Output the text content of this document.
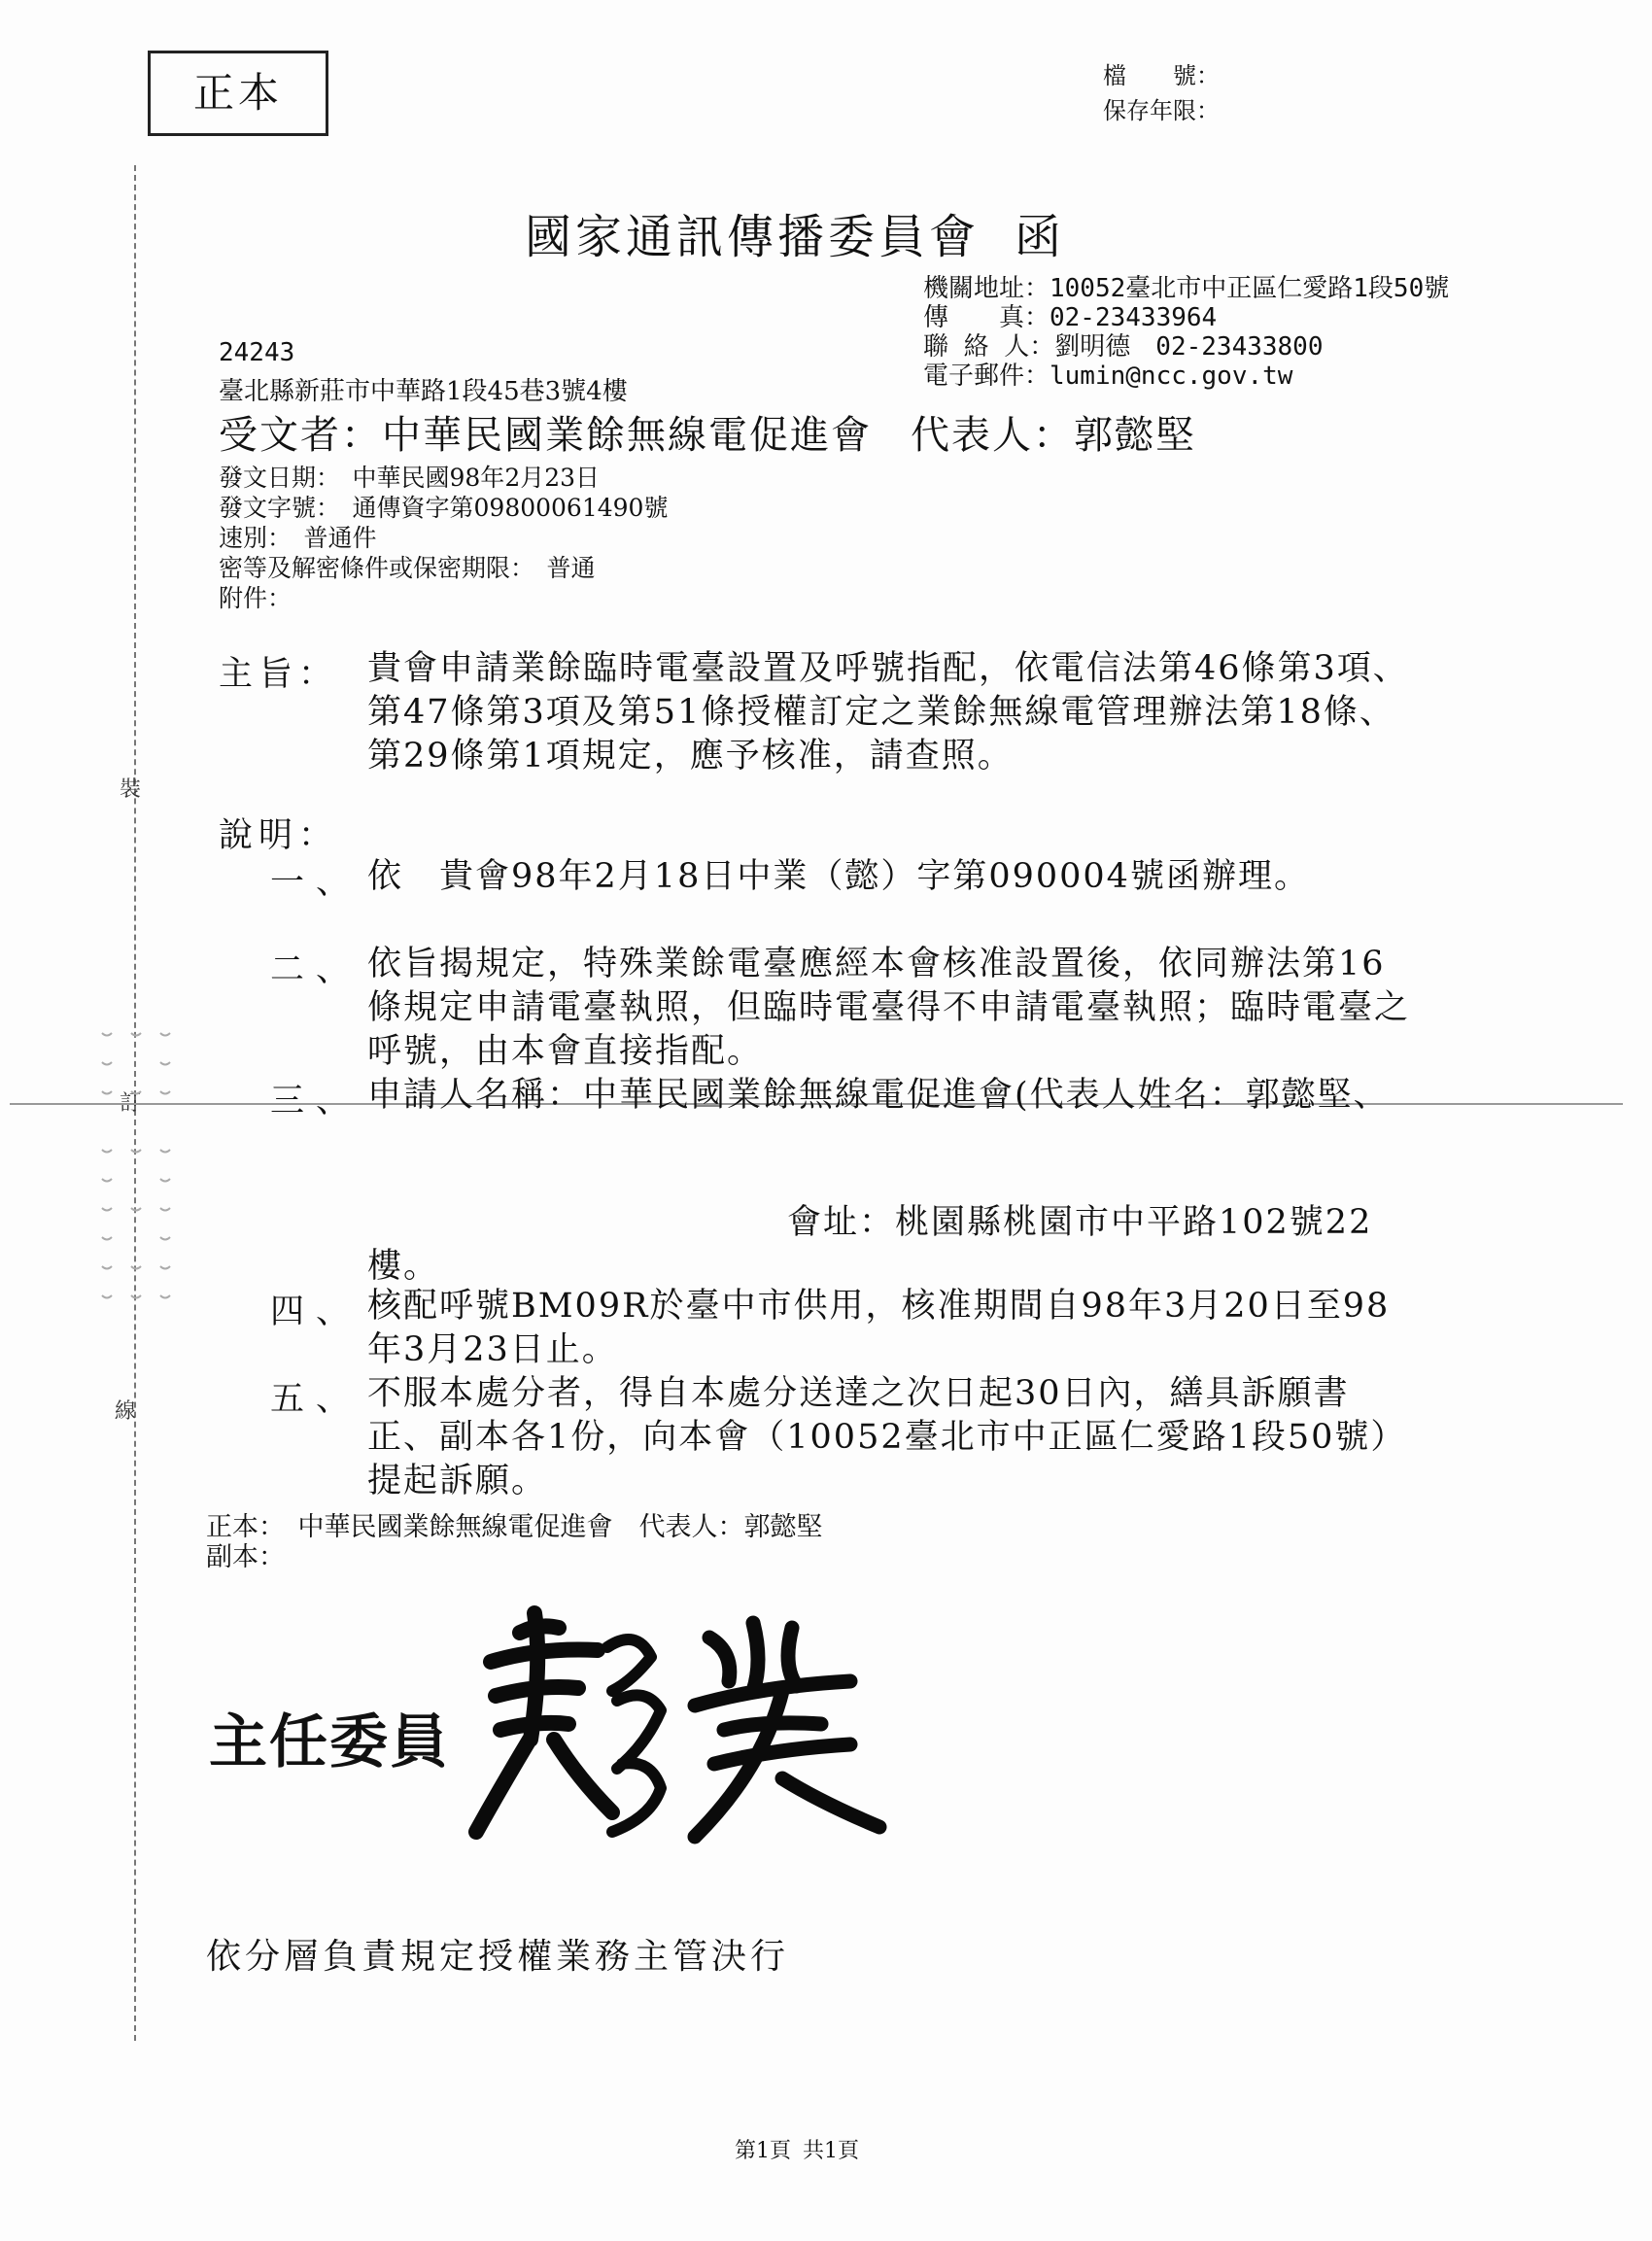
裝
訂
線
正本	檔　　號：
保存年限：
國家通訊傳播委員會 函
機關地址：10052臺北市中正區仁愛路1段50號
傳　　真：02-23433964
聯 絡 人：劉明德　02-23433800
電子郵件：lumin@ncc.gov.tw
24243
臺北縣新莊市中華路1段45巷3號4樓
受文者：中華民國業餘無線電促進會 代表人：郭懿堅
發文日期：　中華民國98年2月23日
發文字號：　通傳資字第09800061490號
速別：　普通件
密等及解密條件或保密期限：　普通
附件：
主旨： 貴會申請業餘臨時電臺設置及呼號指配，依電信法第46條第3項、第47條第3項及第51條授權訂定之業餘無線電管理辦法第18條、第29條第1項規定，應予核准，請查照。
說明：
一、 依　貴會98年2月18日中業（懿）字第090004號函辦理。
二、 依旨揭規定，特殊業餘電臺應經本會核准設置後，依同辦法第16條規定申請電臺執照，但臨時電臺得不申請電臺執照；臨時電臺之呼號，由本會直接指配。
三、 申請人名稱：中華民國業餘無線電促進會(代表人姓名：郭懿堅、
會址：桃園縣桃園市中平路102號22樓。
四、 核配呼號BM09R於臺中市供用，核准期間自98年3月20日至98年3月23日止。
五、 不服本處分者，得自本處分送達之次日起30日內，繕具訴願書正、副本各1份，向本會（10052臺北市中正區仁愛路1段50號）提起訴願。
正本：　中華民國業餘無線電促進會　代表人：郭懿堅
副本：
主任委員
彭芸
依分層負責規定授權業務主管決行
第1頁 共1頁
